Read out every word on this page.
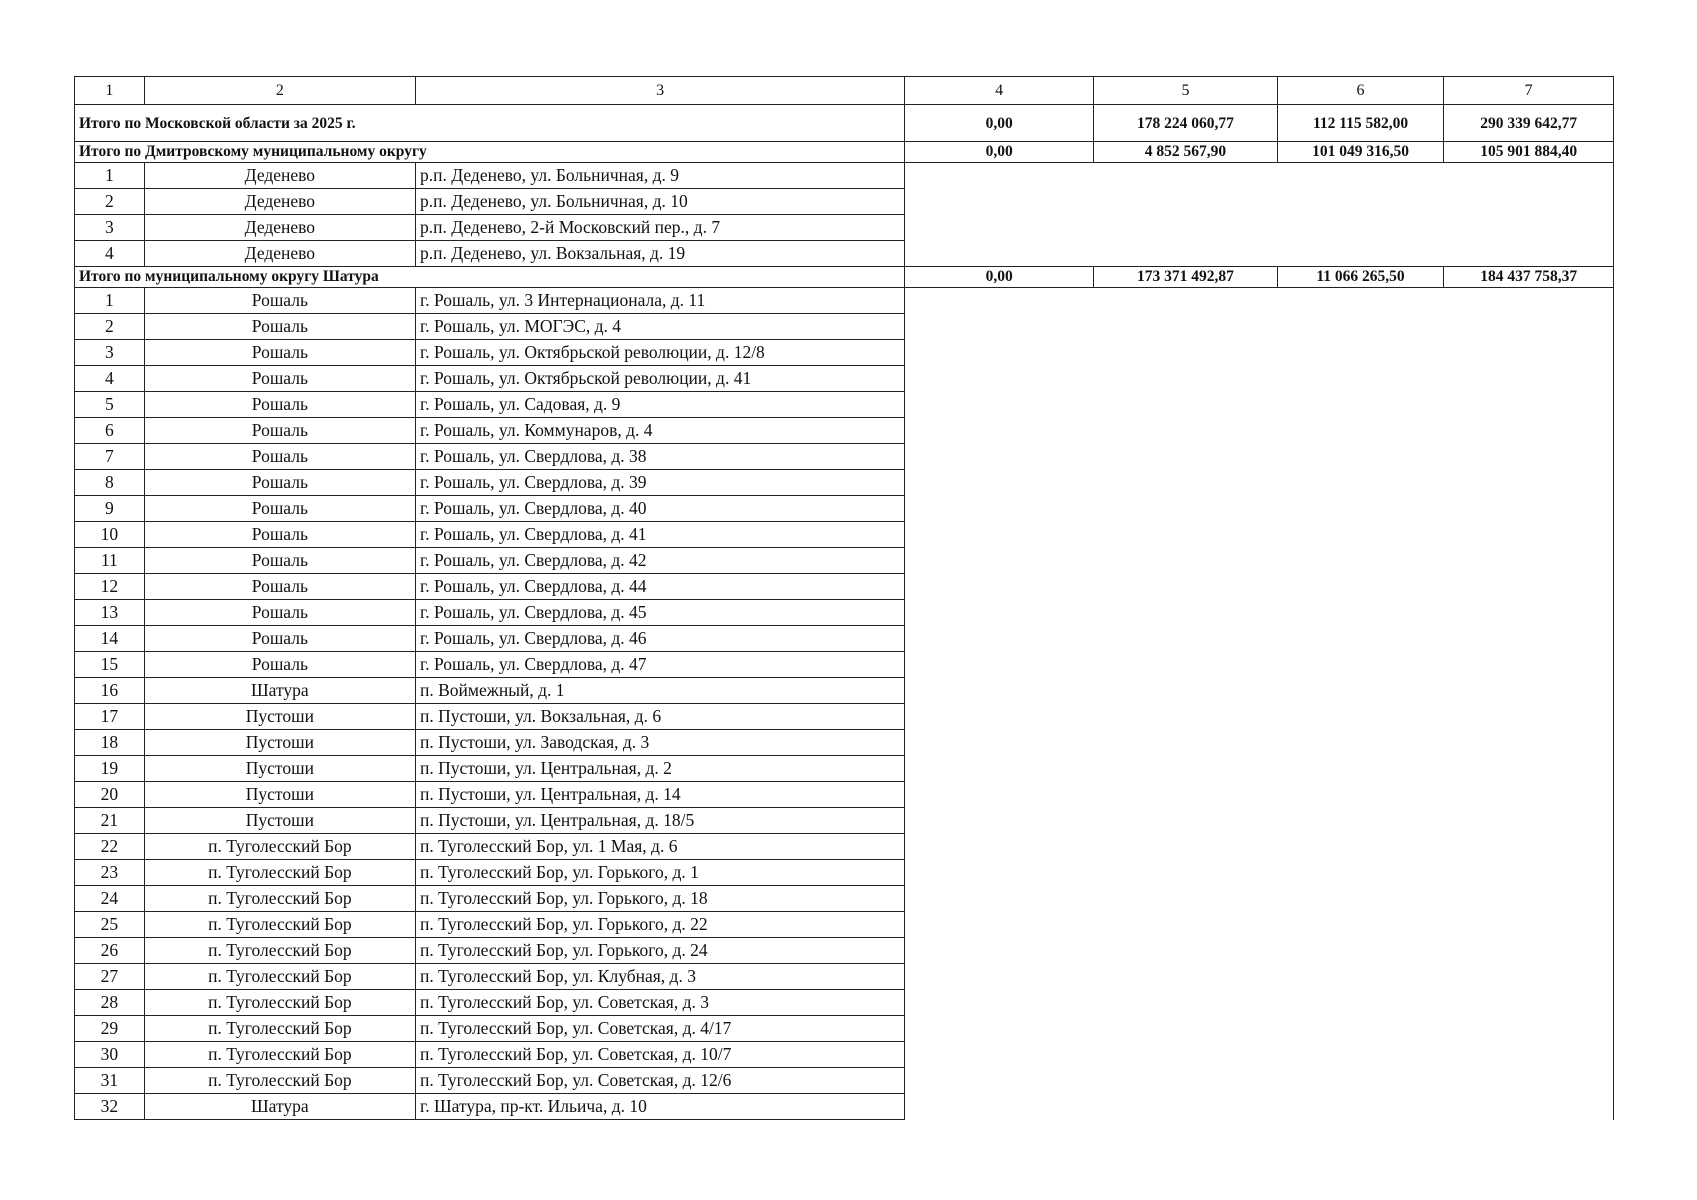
1	2	3	4	5	6	7
Итого по Московской области за 2025 г.			0,00	178 224 060,77	112 115 582,00	290 339 642,77
Итого по Дмитровскому муниципальному округу			0,00	4 852 567,90	101 049 316,50	105 901 884,40
1	Деденево	р.п. Деденево, ул. Больничная, д. 9				
2	Деденево	р.п. Деденево, ул. Больничная, д. 10				
3	Деденево	р.п. Деденево, 2-й Московский пер., д. 7				
4	Деденево	р.п. Деденево, ул. Вокзальная, д. 19				
Итого по муниципальному округу Шатура			0,00	173 371 492,87	11 066 265,50	184 437 758,37
1	Рошаль	г. Рошаль, ул. 3 Интернационала, д. 11				
2	Рошаль	г. Рошаль, ул. МОГЭС, д. 4				
3	Рошаль	г. Рошаль, ул. Октябрьской революции, д. 12/8				
4	Рошаль	г. Рошаль, ул. Октябрьской революции, д. 41				
5	Рошаль	г. Рошаль, ул. Садовая, д. 9				
6	Рошаль	г. Рошаль, ул. Коммунаров, д. 4				
7	Рошаль	г. Рошаль, ул. Свердлова, д. 38				
8	Рошаль	г. Рошаль, ул. Свердлова, д. 39				
9	Рошаль	г. Рошаль, ул. Свердлова, д. 40				
10	Рошаль	г. Рошаль, ул. Свердлова, д. 41				
11	Рошаль	г. Рошаль, ул. Свердлова, д. 42				
12	Рошаль	г. Рошаль, ул. Свердлова, д. 44				
13	Рошаль	г. Рошаль, ул. Свердлова, д. 45				
14	Рошаль	г. Рошаль, ул. Свердлова, д. 46				
15	Рошаль	г. Рошаль, ул. Свердлова, д. 47				
16	Шатура	п. Воймежный, д. 1				
17	Пустоши	п. Пустоши, ул. Вокзальная, д. 6				
18	Пустоши	п. Пустоши, ул. Заводская, д. 3				
19	Пустоши	п. Пустоши, ул. Центральная, д. 2				
20	Пустоши	п. Пустоши, ул. Центральная, д. 14				
21	Пустоши	п. Пустоши, ул. Центральная, д. 18/5				
22	п. Туголесский Бор	п. Туголесский Бор, ул. 1 Мая, д. 6				
23	п. Туголесский Бор	п. Туголесский Бор, ул. Горького, д. 1				
24	п. Туголесский Бор	п. Туголесский Бор, ул. Горького, д. 18				
25	п. Туголесский Бор	п. Туголесский Бор, ул. Горького, д. 22				
26	п. Туголесский Бор	п. Туголесский Бор, ул. Горького, д. 24				
27	п. Туголесский Бор	п. Туголесский Бор, ул. Клубная, д. 3				
28	п. Туголесский Бор	п. Туголесский Бор, ул. Советская, д. 3				
29	п. Туголесский Бор	п. Туголесский Бор, ул. Советская, д. 4/17				
30	п. Туголесский Бор	п. Туголесский Бор, ул. Советская, д. 10/7				
31	п. Туголесский Бор	п. Туголесский Бор, ул. Советская, д. 12/6				
32	Шатура	г. Шатура, пр-кт. Ильича, д. 10				
